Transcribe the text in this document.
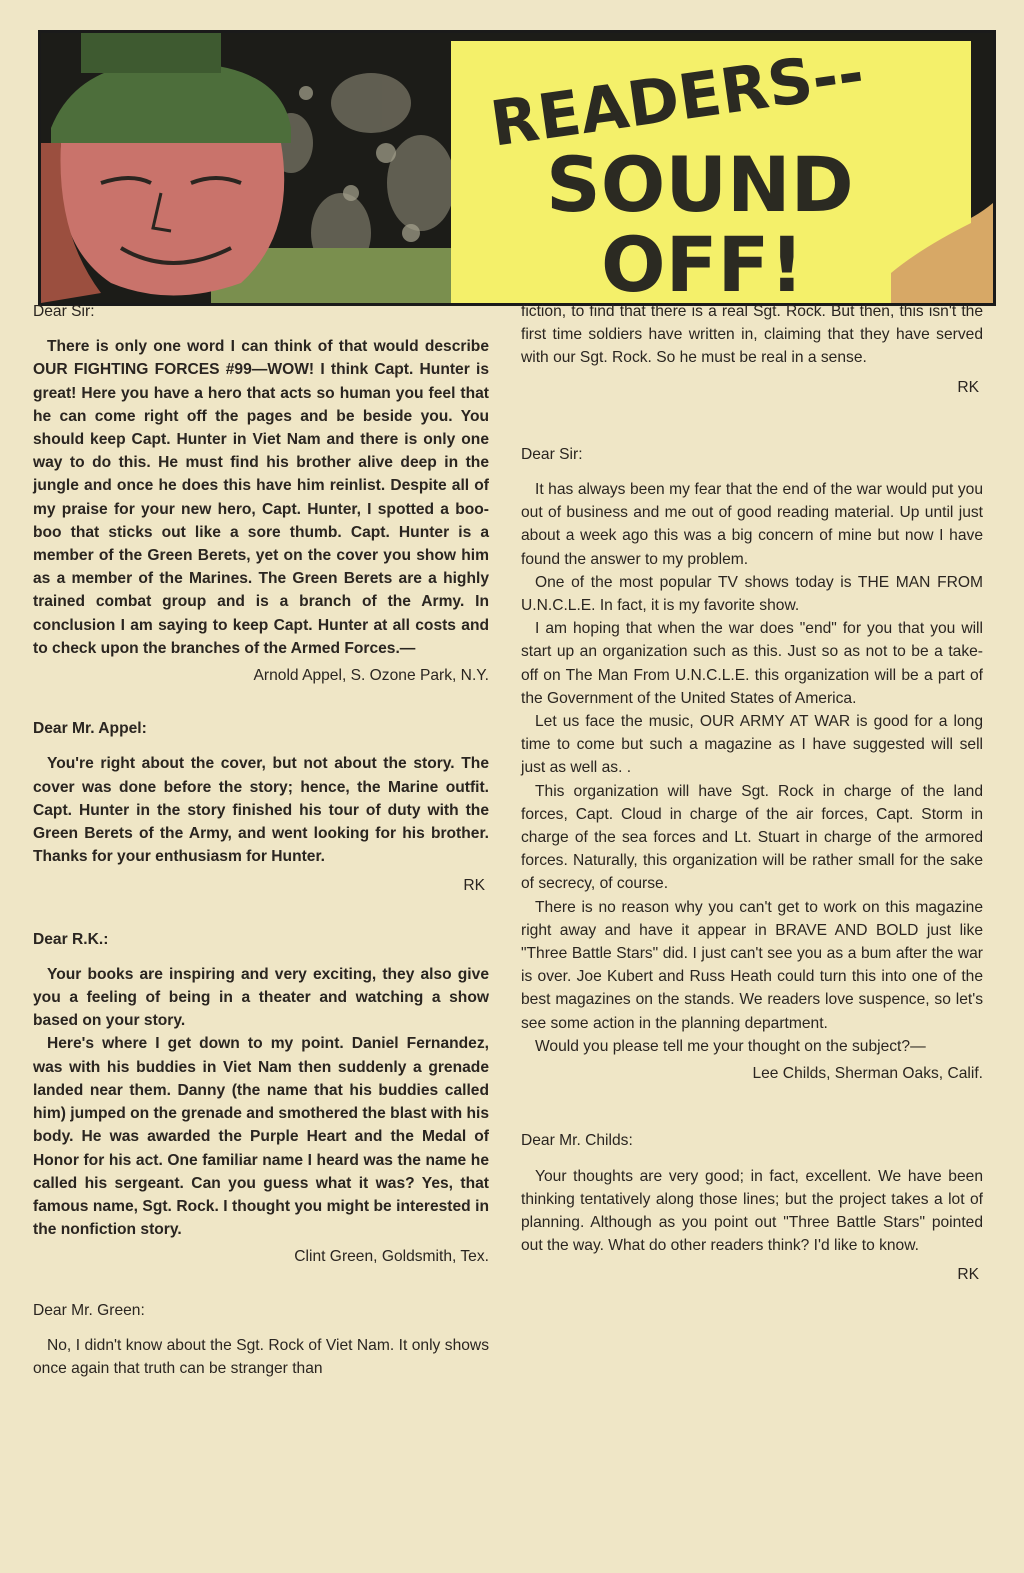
READERS--
SOUND
OFF!

Dear Sir:

There is only one word I can think of that would describe OUR FIGHTING FORCES #99—WOW! I think Capt. Hunter is great! Here you have a hero that acts so human you feel that he can come right off the pages and be beside you. You should keep Capt. Hunter in Viet Nam and there is only one way to do this. He must find his brother alive deep in the jungle and once he does this have him reinlist. Despite all of my praise for your new hero, Capt. Hunter, I spotted a boo-boo that sticks out like a sore thumb. Capt. Hunter is a member of the Green Berets, yet on the cover you show him as a member of the Marines. The Green Berets are a highly trained combat group and is a branch of the Army. In conclusion I am saying to keep Capt. Hunter at all costs and to check upon the branches of the Armed Forces.—

Arnold Appel, S. Ozone Park, N.Y.

Dear Mr. Appel:

You're right about the cover, but not about the story. The cover was done before the story; hence, the Marine outfit. Capt. Hunter in the story finished his tour of duty with the Green Berets of the Army, and went looking for his brother. Thanks for your enthusiasm for Hunter.

RK

Dear R.K.:

Your books are inspiring and very exciting, they also give you a feeling of being in a theater and watching a show based on your story.

Here's where I get down to my point. Daniel Fernandez, was with his buddies in Viet Nam then suddenly a grenade landed near them. Danny (the name that his buddies called him) jumped on the grenade and smothered the blast with his body. He was awarded the Purple Heart and the Medal of Honor for his act. One familiar name I heard was the name he called his sergeant. Can you guess what it was? Yes, that famous name, Sgt. Rock. I thought you might be interested in the nonfiction story.

Clint Green, Goldsmith, Tex.

Dear Mr. Green:

No, I didn't know about the Sgt. Rock of Viet Nam. It only shows once again that truth can be stranger than

fiction, to find that there is a real Sgt. Rock. But then, this isn't the first time soldiers have written in, claiming that they have served with our Sgt. Rock. So he must be real in a sense.

RK

Dear Sir:

It has always been my fear that the end of the war would put you out of business and me out of good reading material. Up until just about a week ago this was a big concern of mine but now I have found the answer to my problem.

One of the most popular TV shows today is THE MAN FROM U.N.C.L.E. In fact, it is my favorite show.

I am hoping that when the war does "end" for you that you will start up an organization such as this. Just so as not to be a take-off on The Man From U.N.C.L.E. this organization will be a part of the Government of the United States of America.

Let us face the music, OUR ARMY AT WAR is good for a long time to come but such a magazine as I have suggested will sell just as well as. .

This organization will have Sgt. Rock in charge of the land forces, Capt. Cloud in charge of the air forces, Capt. Storm in charge of the sea forces and Lt. Stuart in charge of the armored forces. Naturally, this organization will be rather small for the sake of secrecy, of course.

There is no reason why you can't get to work on this magazine right away and have it appear in BRAVE AND BOLD just like "Three Battle Stars" did. I just can't see you as a bum after the war is over. Joe Kubert and Russ Heath could turn this into one of the best magazines on the stands. We readers love suspence, so let's see some action in the planning department.

Would you please tell me your thought on the subject?—

Lee Childs, Sherman Oaks, Calif.

Dear Mr. Childs:

Your thoughts are very good; in fact, excellent. We have been thinking tentatively along those lines; but the project takes a lot of planning. Although as you point out "Three Battle Stars" pointed out the way. What do other readers think? I'd like to know.

RK
